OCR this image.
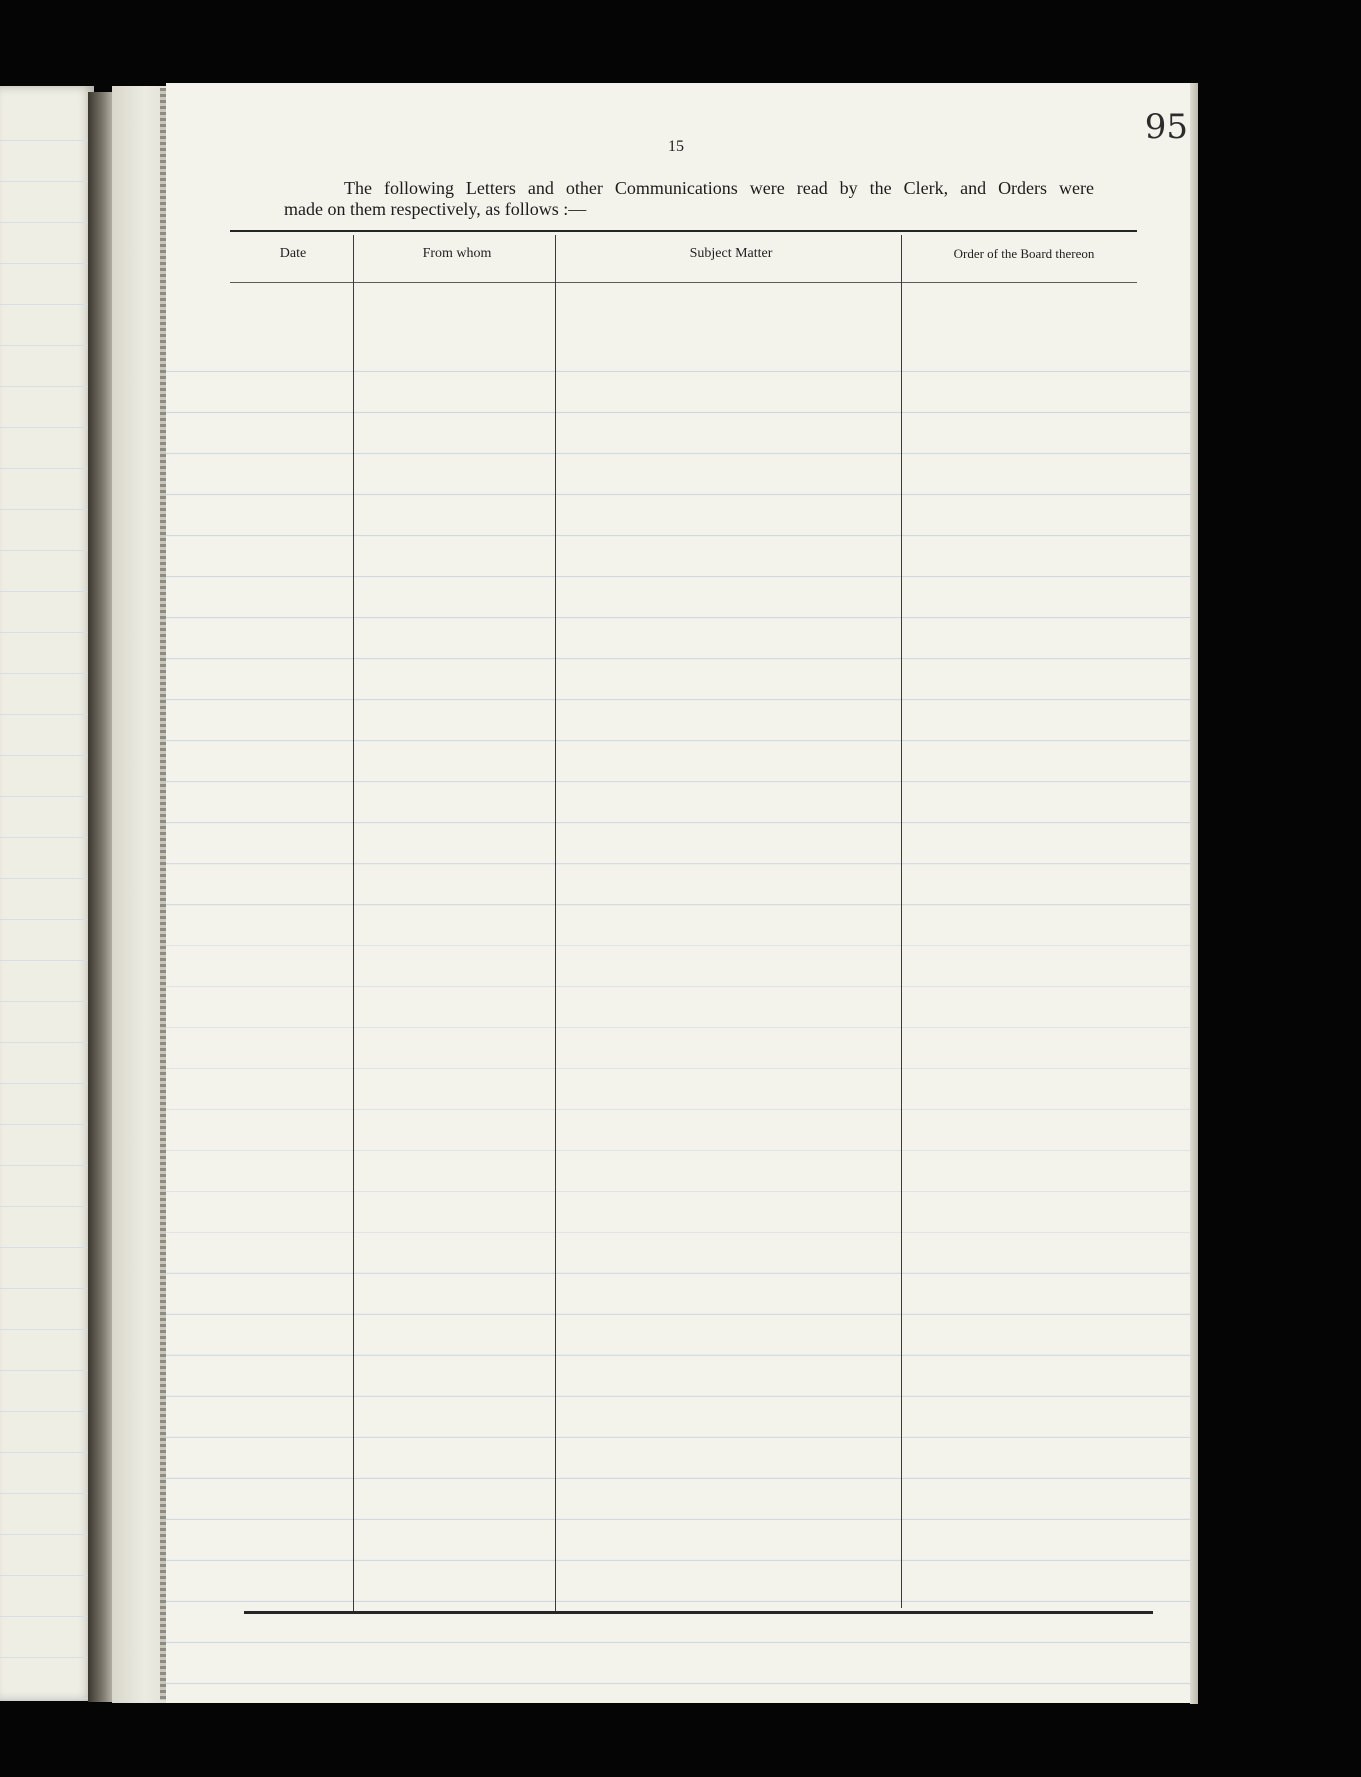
95
15
The following Letters and other Communications were read by the Clerk, and Orders were
made on them respectively, as follows :—
Date	From whom	Subject Matter	Order of the Board thereon
